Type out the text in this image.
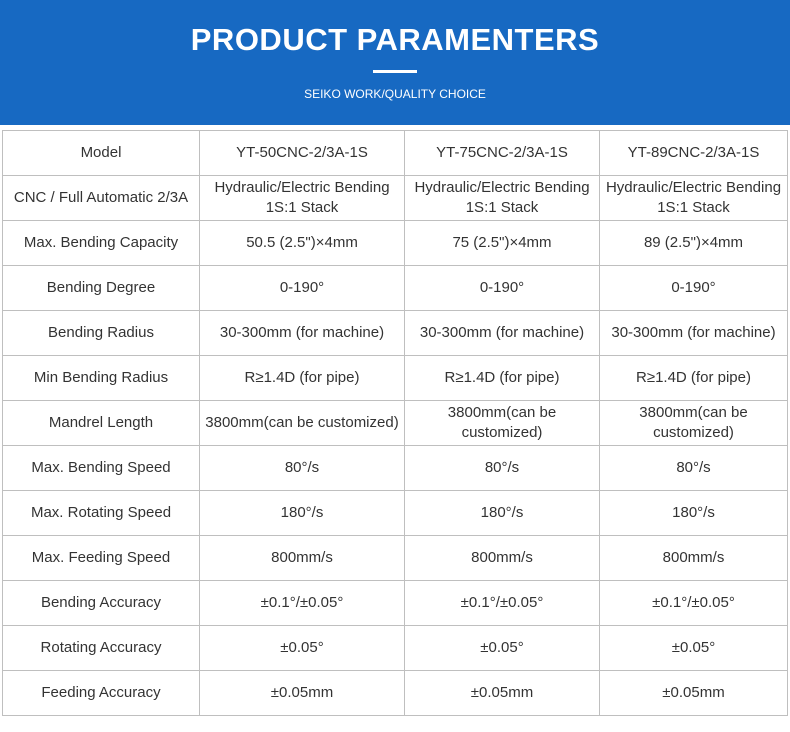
PRODUCT PARAMENTERS
SEIKO WORK/QUALITY CHOICE
Model	YT-50CNC-2/3A-1S	YT-75CNC-2/3A-1S	YT-89CNC-2/3A-1S
CNC / Full Automatic 2/3A	Hydraulic/Electric Bending 1S:1 Stack	Hydraulic/Electric Bending 1S:1 Stack	Hydraulic/Electric Bending 1S:1 Stack
Max. Bending Capacity	50.5 (2.5")×4mm	75 (2.5")×4mm	89 (2.5")×4mm
Bending Degree	0-190°	0-190°	0-190°
Bending Radius	30-300mm (for machine)	30-300mm (for machine)	30-300mm (for machine)
Min Bending Radius	R≥1.4D (for pipe)	R≥1.4D (for pipe)	R≥1.4D (for pipe)
Mandrel Length	3800mm(can be customized)	3800mm(can be customized)	3800mm(can be customized)
Max. Bending Speed	80°/s	80°/s	80°/s
Max. Rotating Speed	180°/s	180°/s	180°/s
Max. Feeding Speed	800mm/s	800mm/s	800mm/s
Bending Accuracy	±0.1°/±0.05°	±0.1°/±0.05°	±0.1°/±0.05°
Rotating Accuracy	±0.05°	±0.05°	±0.05°
Feeding Accuracy	±0.05mm	±0.05mm	±0.05mm
